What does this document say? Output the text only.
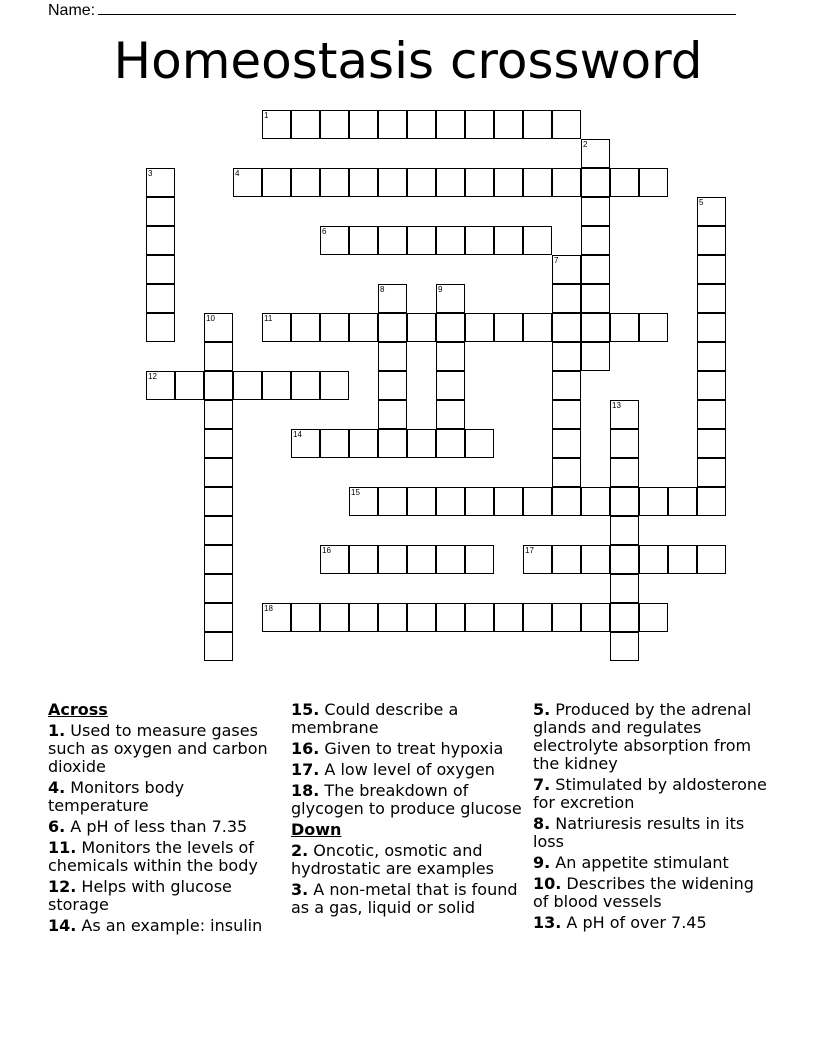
Name:
Homeostasis crossword
1
2
3	4
5
6
7
8	9
10	11
12
13
14
15
16	17
18
Across
1. Used to measure gases such as oxygen and carbon dioxide
4. Monitors body temperature
6. A pH of less than 7.35
11. Monitors the levels of chemicals within the body
12. Helps with glucose storage
14. As an example: insulin
15. Could describe a membrane
16. Given to treat hypoxia
17. A low level of oxygen
18. The breakdown of glycogen to produce glucose
Down
2. Oncotic, osmotic and hydrostatic are examples
3. A non-metal that is found as a gas, liquid or solid
5. Produced by the adrenal glands and regulates electrolyte absorption from the kidney
7. Stimulated by aldosterone for excretion
8. Natriuresis results in its loss
9. An appetite stimulant
10. Describes the widening of blood vessels
13. A pH of over 7.45
